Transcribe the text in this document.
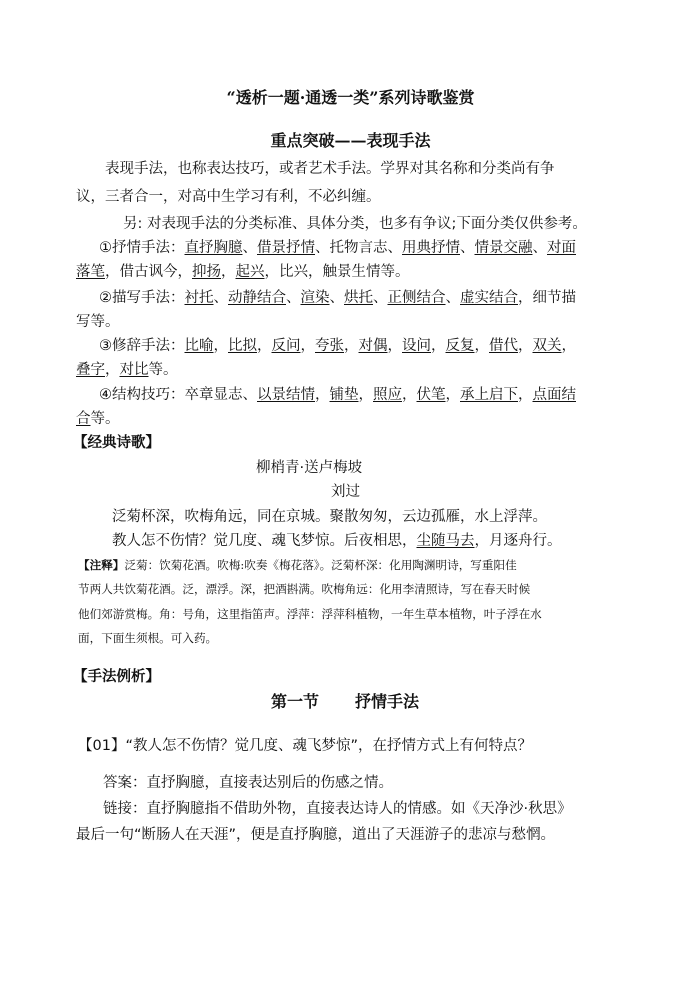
“透析一题·通透一类”系列诗歌鉴赏
重点突破——表现手法
表现手法，也称表达技巧，或者艺术手法。学界对其名称和分类尚有争
议，三者合一，对高中生学习有利，不必纠缠。
另: 对表现手法的分类标准、具体分类，也多有争议;下面分类仅供参考。
①抒情手法：直抒胸臆、借景抒情、托物言志、用典抒情、情景交融、对面
落笔，借古讽今，抑扬，起兴，比兴，触景生情等。
②描写手法：衬托、动静结合、渲染、烘托、正侧结合、虚实结合，细节描
写等。
③修辞手法：比喻，比拟，反问，夸张，对偶，设问，反复，借代，双关，
叠字，对比等。
④结构技巧：卒章显志、以景结情，铺垫，照应，伏笔，承上启下，点面结
合等。
【经典诗歌】
柳梢青·送卢梅坡
刘过
泛菊杯深，吹梅角远，同在京城。聚散匆匆，云边孤雁，水上浮萍。
教人怎不伤情？觉几度、魂飞梦惊。后夜相思，尘随马去，月逐舟行。
【注释】泛菊：饮菊花酒。吹梅:吹奏《梅花落》。泛菊杯深：化用陶渊明诗，写重阳佳
节两人共饮菊花酒。泛，漂浮。深，把酒斟满。吹梅角远：化用李清照诗，写在春天时候
他们郊游赏梅。角：号角，这里指笛声。浮萍：浮萍科植物，一年生草本植物，叶子浮在水
面，下面生须根。可入药。
【手法例析】
第一节 抒情手法
【01】“教人怎不伤情？觉几度、魂飞梦惊”，在抒情方式上有何特点？
答案：直抒胸臆，直接表达别后的伤感之情。
链接：直抒胸臆指不借助外物，直接表达诗人的情感。如《天净沙·秋思》
最后一句“断肠人在天涯”，便是直抒胸臆，道出了天涯游子的悲凉与愁惘。
